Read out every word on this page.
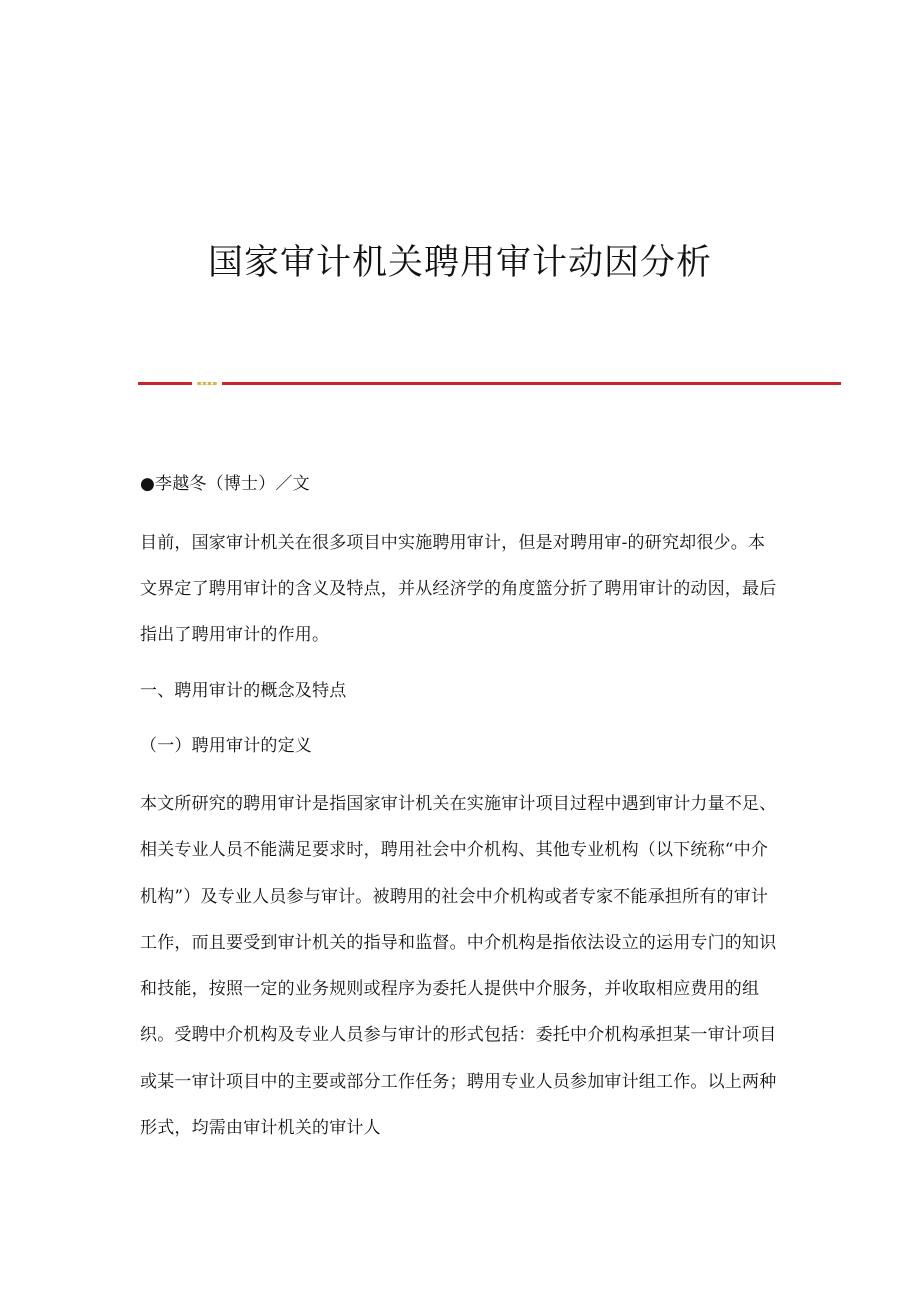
国家审计机关聘用审计动因分析
●李越冬（博士）／文

目前，国家审计机关在很多项目中实施聘用审计，但是对聘用审-的研究却很少。本文界定了聘用审计的含义及特点，并从经济学的角度篮分折了聘用审计的动因，最后指出了聘用审计的作用。

一、聘用审计的概念及特点
（一）聘用审计的定义

本文所研究的聘用审计是指国家审计机关在实施审计项目过程中遇到审计力量不足、相关专业人员不能满足要求时，聘用社会中介机构、其他专业机构（以下统称“中介机构”）及专业人员参与审计。被聘用的社会中介机构或者专家不能承担所有的审计工作，而且要受到审计机关的指导和监督。中介机构是指依法设立的运用专门的知识和技能，按照一定的业务规则或程序为委托人提供中介服务，并收取相应费用的组织。受聘中介机构及专业人员参与审计的形式包括：委托中介机构承担某一审计项目或某一审计项目中的主要或部分工作任务；聘用专业人员参加审计组工作。以上两种形式，均需由审计机关的审计人
